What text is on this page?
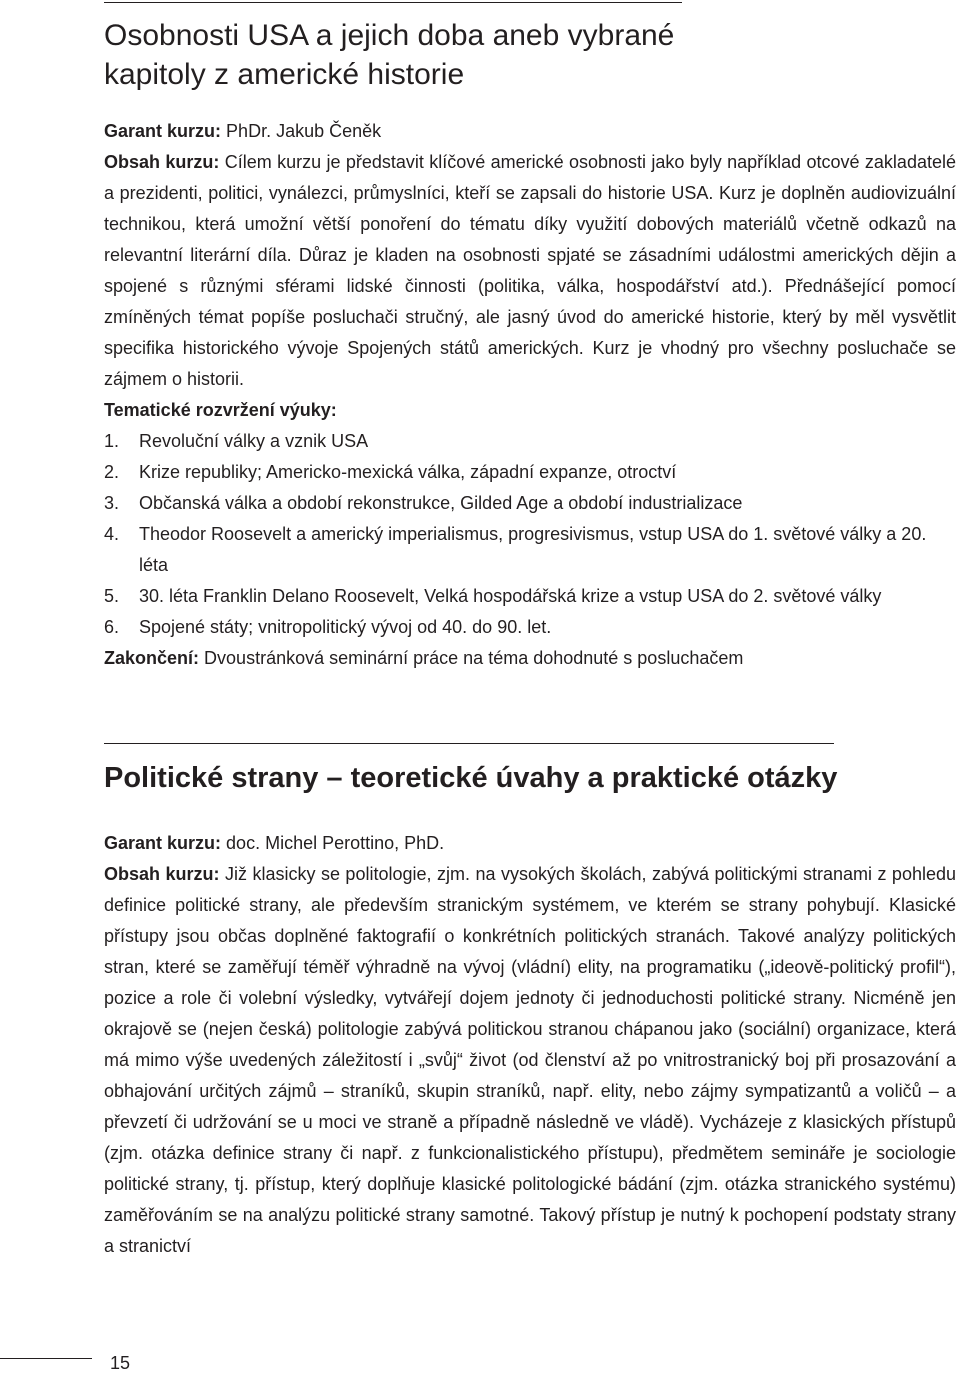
Osobnosti USA a jejich doba aneb vybrané kapitoly z americké historie
Garant kurzu: PhDr. Jakub Čeněk

Obsah kurzu: Cílem kurzu je představit klíčové americké osobnosti jako byly například otcové zakladatelé a prezidenti, politici, vynálezci, průmyslníci, kteří se zapsali do historie USA. Kurz je doplněn audiovizuální technikou, která umožní větší ponoření do tématu díky využití dobových materiálů včetně odkazů na relevantní literární díla. Důraz je kladen na osobnosti spjaté se zásadními událostmi amerických dějin a spojené s různými sférami lidské činnosti (politika, válka, hospodářství atd.). Přednášející pomocí zmíněných témat popíše posluchači stručný, ale jasný úvod do americké historie, který by měl vysvětlit specifika historického vývoje Spojených států amerických. Kurz je vhodný pro všechny posluchače se zájmem o historii.

Tematické rozvržení výuky:
1.	Revoluční války a vznik USA
2.	Krize republiky; Americko-mexická válka, západní expanze, otroctví
3.	Občanská válka a období rekonstrukce, Gilded Age a období industrializace
4.	Theodor Roosevelt a americký imperialismus, progresivismus, vstup USA do 1. světové války a 20. léta
5.	30. léta Franklin Delano Roosevelt, Velká hospodářská krize a vstup USA do 2. světové války
6.	Spojené státy; vnitropolitický vývoj od 40. do 90. let.
Zakončení: Dvoustránková seminární práce na téma dohodnuté s posluchačem
Politické strany – teoretické úvahy a praktické otázky
Garant kurzu: doc. Michel Perottino, PhD.

Obsah kurzu: Již klasicky se politologie, zjm. na vysokých školách, zabývá politickými stranami z pohledu definice politické strany, ale především stranickým systémem, ve kterém se strany pohybují. Klasické přístupy jsou občas doplněné faktografií o konkrétních politických stranách. Takové analýzy politických stran, které se zaměřují téměř výhradně na vývoj (vládní) elity, na programatiku („ideově-politický profil“), pozice a role či volební výsledky, vytvářejí dojem jednoty či jednoduchosti politické strany. Nicméně jen okrajově se (nejen česká) politologie zabývá politickou stranou chápanou jako (sociální) organizace, která má mimo výše uvedených záležitostí i „svůj“ život (od členství až po vnitrostranický boj při prosazování a obhajování určitých zájmů – straníků, skupin straníků, např. elity, nebo zájmy sympatizantů a voličů – a převzetí či udržování se u moci ve straně a případně následně ve vládě). Vycházeje z klasických přístupů (zjm. otázka definice strany či např. z funkcionalistického přístupu), předmětem semináře je sociologie politické strany, tj. přístup, který doplňuje klasické politologické bádání (zjm. otázka stranického systému) zaměřováním se na analýzu politické strany samotné. Takový přístup je nutný k pochopení podstaty strany a stranictví

15
